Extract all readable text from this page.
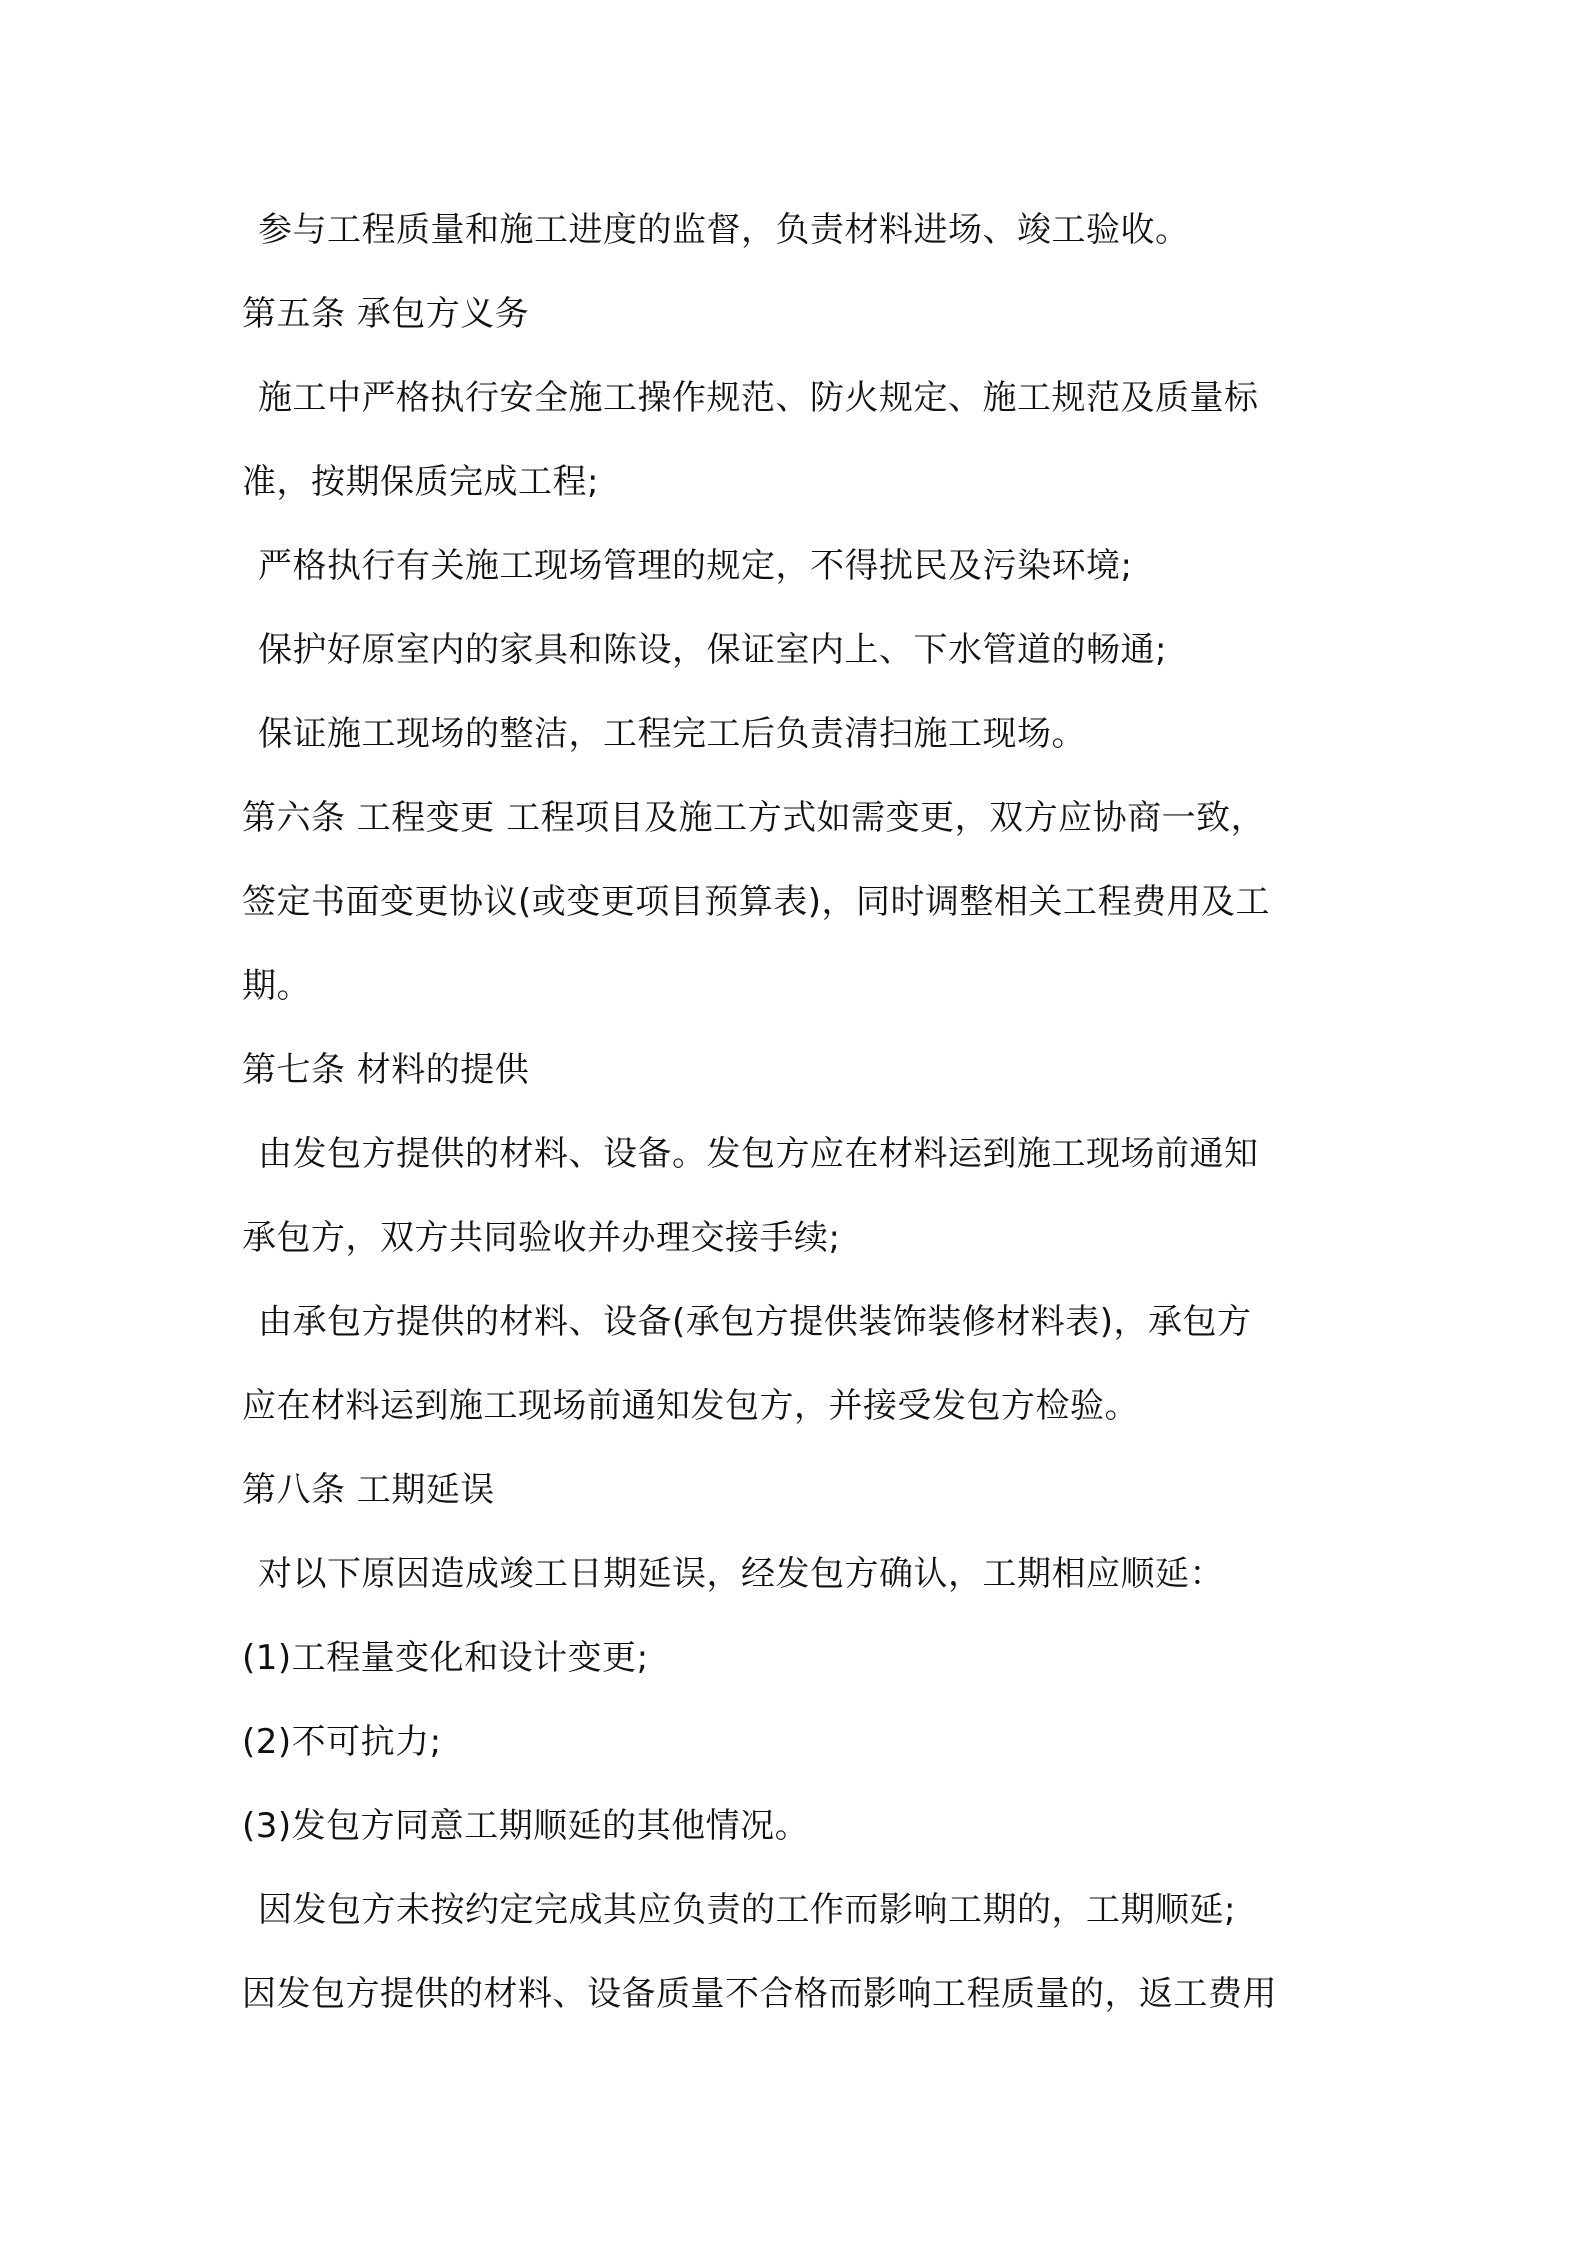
参与工程质量和施工进度的监督，负责材料进场、竣工验收。

第五条 承包方义务

施工中严格执行安全施工操作规范、防火规定、施工规范及质量标

准，按期保质完成工程;

严格执行有关施工现场管理的规定，不得扰民及污染环境;

保护好原室内的家具和陈设，保证室内上、下水管道的畅通;

保证施工现场的整洁，工程完工后负责清扫施工现场。

第六条 工程变更 工程项目及施工方式如需变更，双方应协商一致，

签定书面变更协议(或变更项目预算表)，同时调整相关工程费用及工

期。

第七条 材料的提供

由发包方提供的材料、设备。发包方应在材料运到施工现场前通知

承包方，双方共同验收并办理交接手续;

由承包方提供的材料、设备(承包方提供装饰装修材料表)，承包方

应在材料运到施工现场前通知发包方，并接受发包方检验。

第八条 工期延误

对以下原因造成竣工日期延误，经发包方确认，工期相应顺延：

(1)工程量变化和设计变更;

(2)不可抗力;

(3)发包方同意工期顺延的其他情况。

因发包方未按约定完成其应负责的工作而影响工期的，工期顺延;

因发包方提供的材料、设备质量不合格而影响工程质量的，返工费用
